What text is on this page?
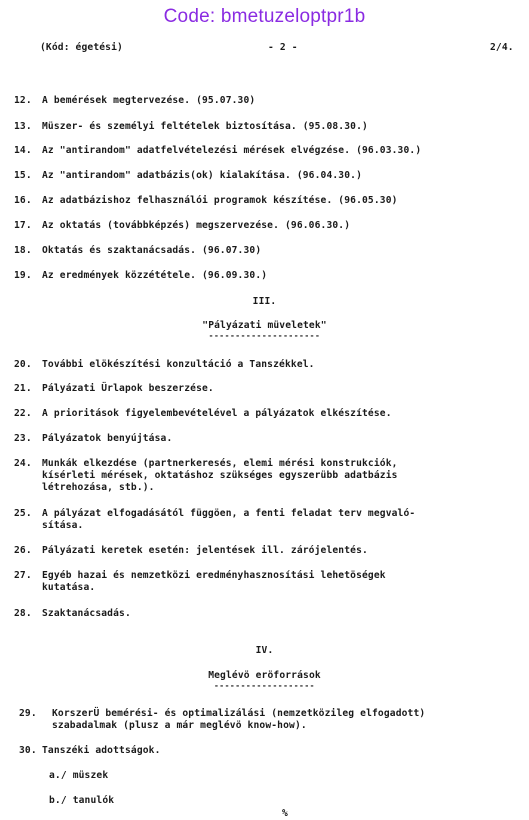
Code: bmetuzeloptpr1b
(Kód: égetési)	- 2 -	2/4.

12.

A bemérések megtervezése. (95.07.30)

13.

Müszer- és személyi feltételek biztosítása. (95.08.30.)

14.

Az "antirandom" adatfelvételezési mérések elvégzése. (96.03.30.)

15.

Az "antirandom" adatbázis(ok) kialakítása. (96.04.30.)

16.

Az adatbázishoz felhasználói programok készítése. (96.05.30)

17.

Az oktatás (továbbképzés) megszervezése. (96.06.30.)

18.

Oktatás és szaktanácsadás. (96.07.30)

19.

Az eredmények közzététele. (96.09.30.)

III.
"Pályázati müveletek"
---------------------

20.

További elökészítési konzultáció a Tanszékkel.

21.

Pályázati Ürlapok beszerzése.

22.

A prioritások figyelembevételével a pályázatok elkészítése.

23.

Pályázatok benyújtása.

24.

Munkák elkezdése (partnerkeresés, elemi mérési konstrukciók,
kísérleti mérések, oktatáshoz szükséges egyszerübb adatbázis
létrehozása, stb.).

25.

A pályázat elfogadásától függöen, a fenti feladat terv megvaló-
sítása.

26.

Pályázati keretek esetén: jelentések ill. zárójelentés.

27.

Egyéb hazai és nemzetközi eredményhasznosítási lehetöségek
kutatása.

28.

Szaktanácsadás.

IV.
Meglévö eröforrások
-------------------

29.

KorszerÜ bemérési- és optimalizálási (nemzetközileg elfogadott)
szabadalmak (plusz a már meglévö know-how).

30.

Tanszéki adottságok.

a./ müszek
b./ tanulók
%
